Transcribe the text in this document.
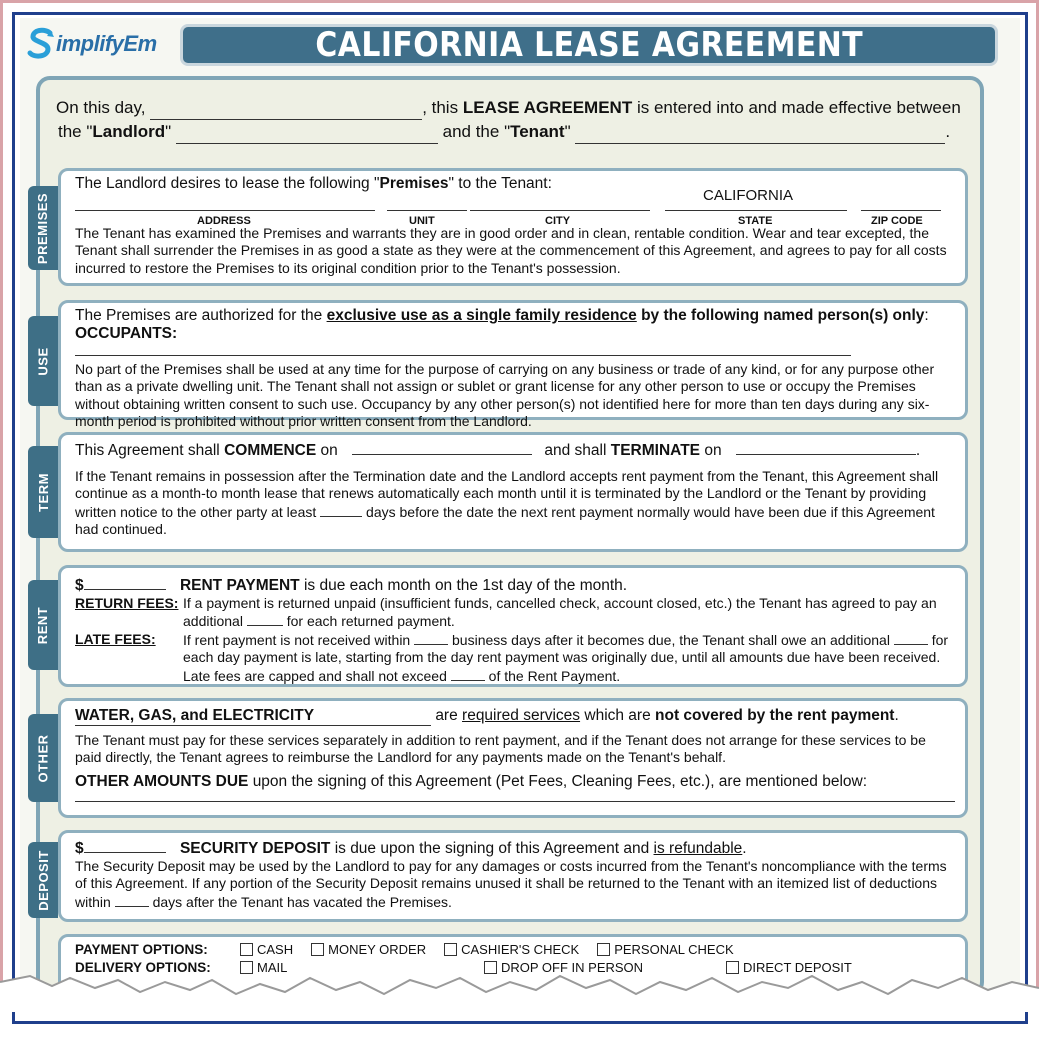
implifyEm	CALIFORNIA LEASE AGREEMENT
On this day,	, this LEASE AGREEMENT is entered into and made effective between
the "Landlord"	and the "Tenant"	.
PREMISES

The Landlord desires to lease the following "Premises" to the Tenant:

ADDRESS	UNIT	CITY
CALIFORNIA
STATE	ZIP CODE

The Tenant has examined the Premises and warrants they are in good order and in clean, rentable condition. Wear and tear excepted, the Tenant shall surrender the Premises in as good a state as they were at the commencement of this Agreement, and agrees to pay for all costs incurred to restore the Premises to its original condition prior to the Tenant's possession.

USE

The Premises are authorized for the exclusive use as a single family residence by the following named person(s) only:

OCCUPANTS:

No part of the Premises shall be used at any time for the purpose of carrying on any business or trade of any kind, or for any purpose other than as a private dwelling unit. The Tenant shall not assign or sublet or grant license for any other person to use or occupy the Premises without obtaining written consent to such use. Occupancy by any other person(s) not identified here for more than ten days during any six-month period is prohibited without prior written consent from the Landlord.

TERM

This Agreement shall COMMENCE on	and shall TERMINATE on	.

If the Tenant remains in possession after the Termination date and the Landlord accepts rent payment from the Tenant, this Agreement shall continue as a month-to month lease that renews automatically each month until it is terminated by the Landlord or the Tenant by providing written notice to the other party at least	days before the date the next rent payment normally would have been due if this Agreement had continued.

RENT

$	RENT PAYMENT is due each month on the 1st day of the month.

RETURN FEES: If a payment is returned unpaid (insufficient funds, cancelled check, account closed, etc.) the Tenant has agreed to pay an additional	for each returned payment.
LATE FEES:	If rent payment is not received within	business days after it becomes due, the Tenant shall owe an additional	for each day payment is late, starting from the day rent payment was originally due, until all amounts due have been received. Late fees are capped and shall not exceed	of the Rent Payment.
OTHER

WATER, GAS, and ELECTRICITY	are required services which are not covered by the rent payment.

The Tenant must pay for these services separately in addition to rent payment, and if the Tenant does not arrange for these services to be paid directly, the Tenant agrees to reimburse the Landlord for any payments made on the Tenant's behalf.

OTHER AMOUNTS DUE upon the signing of this Agreement (Pet Fees, Cleaning Fees, etc.), are mentioned below:

DEPOSIT

$	SECURITY DEPOSIT is due upon the signing of this Agreement and is refundable.

The Security Deposit may be used by the Landlord to pay for any damages or costs incurred from the Tenant's noncompliance with the terms of this Agreement. If any portion of the Security Deposit remains unused it shall be returned to the Tenant with an itemized list of deductions within	days after the Tenant has vacated the Premises.

PAYMENT OPTIONS:	CASH	MONEY ORDER	CASHIER'S CHECK	PERSONAL CHECK
DELIVERY OPTIONS:	MAIL	DROP OFF IN PERSON	DIRECT DEPOSIT
